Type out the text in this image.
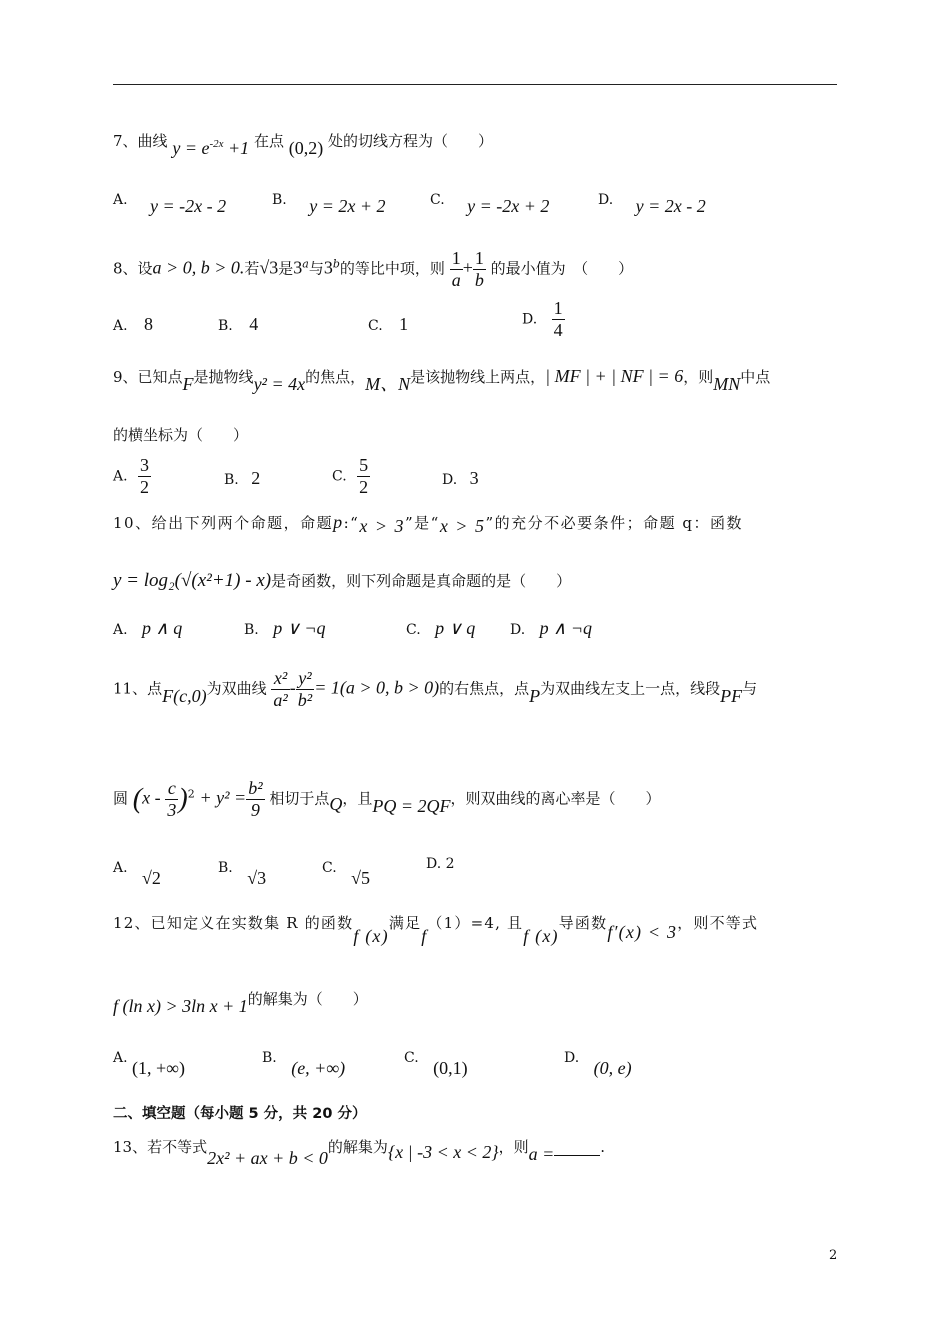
7、曲线 $y = e^{-2x} +1$ 在点 (0,2) 处的切线方程为（　　）
A. y = -2x - 2	B. y = 2x + 2	C. y = -2x + 2	D. y = 2x - 2
8、设a > 0, b > 0.若√3是3$^a$与3$^b$的等比中项，则 $\frac{1}{a} + \frac{1}{b}$ 的最小值为　（　　）
A. 8	B. 4	C. 1	D. $\frac{1}{4}$
9、已知点F是抛物线y² = 4x的焦点，M、N是该抛物线上两点，| MF | + | NF | = 6，则MN中点
的横坐标为（　　）
A. $\frac{3}{2}$	B. 2	C. $\frac{5}{2}$	D. 3
10、给出下列两个命题，命题p:“x > 3”是“x > 5”的充分不必要条件；命题 q：函数
y = log₂(√(x²+1) - x)是奇函数，则下列命题是真命题的是（　　）
A. p ∧ q	B. p ∨ ¬q	C. p ∨ q D. p ∧ ¬q
11、点F(c,0)为双曲线 $\frac{\text{x²}}{\text{a²}} - \frac{\text{y²}}{\text{b²}} = 1(a > 0$, b > 0)的右焦点，点P为双曲线左支上一点，线段PF与
圆 $(x - \frac{c}{3} )^2 + y^2 = \frac{\text{b²}}{9}$ 相切于点Q，且PQ = 2QF，则双曲线的离心率是（　　）
A. √2	B. √3	C. √5
D. 2
12、已知定义在实数集 R 的函数f (x)满足f（1）=4, 且f (x)导函数f′(x) < 3，则不等式
f (ln x) > 3ln x + 1的解集为（　　）
A. (1, +∞)	B. (e, +∞)	C. (0,1)	D. (0, e)
二、填空题（每小题 5 分，共 20 分）
13、若不等式2x² + ax + b < 0的解集为{x | -3 < x < 2}，则a =	.
2
